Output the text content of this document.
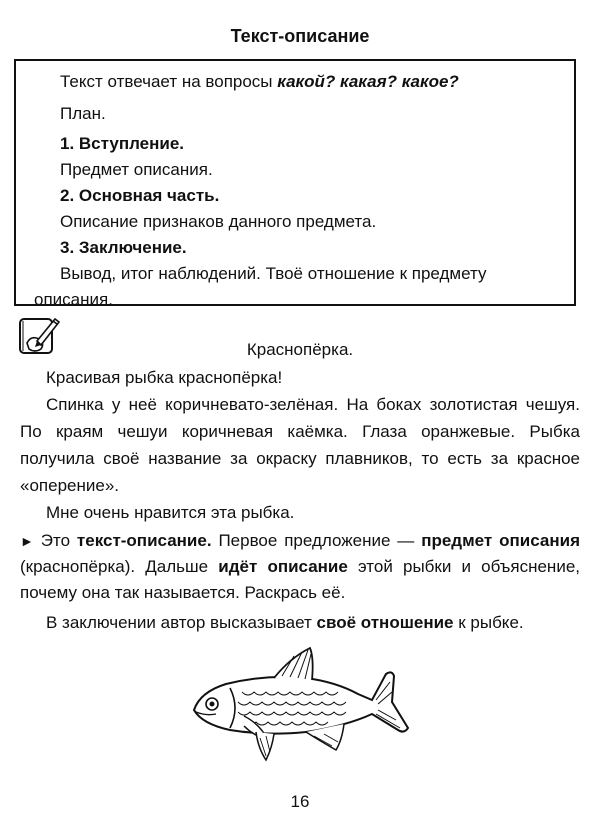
Текст-описание

Текст отвечает на вопросы какой? какая? какое?

План.

1. Вступление.

Предмет описания.

2. Основная часть.

Описание признаков данного предмета.

3. Заключение.

Вывод, итог наблюдений. Твоё отношение к предмету

описания.

Краснопёрка.

Красивая рыбка краснопёрка!

Спинка у неё коричневато-зелёная. На боках золотистая чешуя. По краям чешуи коричневая каёмка. Глаза оранжевые. Рыбка получила своё название за окраску плавников, то есть за красное «оперение».

Мне очень нравится эта рыбка.

► Это текст-описание. Первое предложение — предмет описания (краснопёрка). Дальше идёт описание этой рыбки и объяснение, почему она так называется. Раскрась её.

В заключении автор высказывает своё отношение к рыбке.

16
